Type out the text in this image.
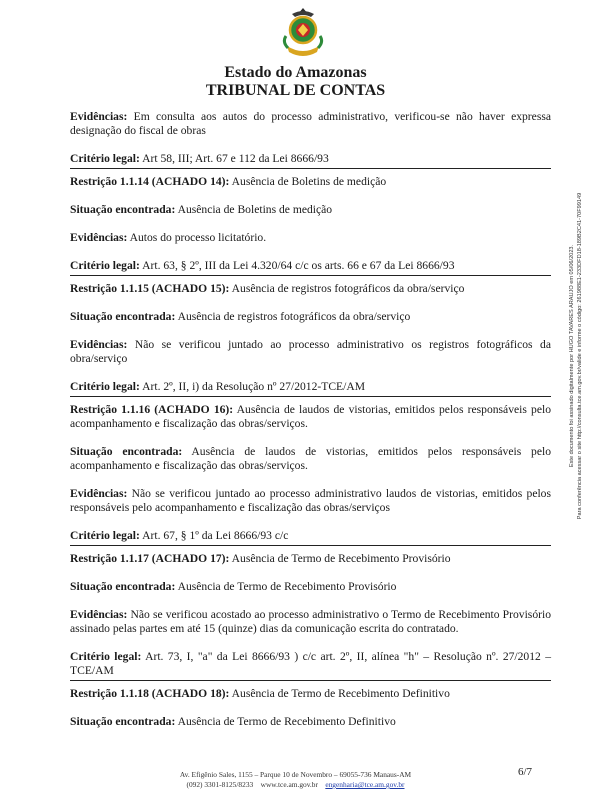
Estado do Amazonas
TRIBUNAL DE CONTAS

Evidências: Em consulta aos autos do processo administrativo, verificou-se não haver expressa designação do fiscal de obras

Critério legal: Art 58, III; Art. 67 e 112 da Lei 8666/93

Restrição 1.1.14 (ACHADO 14): Ausência de Boletins de medição

Situação encontrada: Ausência de Boletins de medição

Evidências: Autos do processo licitatório.

Critério legal: Art. 63, § 2º, III da Lei 4.320/64 c/c os arts. 66 e 67 da Lei 8666/93

Restrição 1.1.15 (ACHADO 15): Ausência de registros fotográficos da obra/serviço

Situação encontrada: Ausência de registros fotográficos da obra/serviço

Evidências: Não se verificou juntado ao processo administrativo os registros fotográficos da obra/serviço

Critério legal: Art. 2º, II, i) da Resolução nº 27/2012-TCE/AM

Restrição 1.1.16 (ACHADO 16): Ausência de laudos de vistorias, emitidos pelos responsáveis pelo acompanhamento e fiscalização das obras/serviços.

Situação encontrada: Ausência de laudos de vistorias, emitidos pelos responsáveis pelo acompanhamento e fiscalização das obras/serviços.

Evidências: Não se verificou juntado ao processo administrativo laudos de vistorias, emitidos pelos responsáveis pelo acompanhamento e fiscalização das obras/serviços

Critério legal: Art. 67, § 1º da Lei 8666/93 c/c

Restrição 1.1.17 (ACHADO 17): Ausência de Termo de Recebimento Provisório

Situação encontrada: Ausência de Termo de Recebimento Provisório

Evidências: Não se verificou acostado ao processo administrativo o Termo de Recebimento Provisório assinado pelas partes em até 15 (quinze) dias da comunicação escrita do contratado.

Critério legal: Art. 73, I, "a" da Lei 8666/93 ) c/c art. 2º, II, alínea "h" – Resolução nº. 27/2012 – TCE/AM

Restrição 1.1.18 (ACHADO 18): Ausência de Termo de Recebimento Definitivo

Situação encontrada: Ausência de Termo de Recebimento Definitivo

Este documento foi assinado digitalmente por HUGO TAVARES ARAUJO em 05/06/2023. Para conferência acessar o site http://consulta.tce.am.gov.br/valide e informe o código: 261988E1-233DFD18-189B2C41-70F99149
Av. Efigênio Sales, 1155 – Parque 10 de Novembro – 69055-736 Manaus-AM
(092) 3301-8125/8233 www.tce.am.gov.br engenharia@tce.am.gov.br
6/7
